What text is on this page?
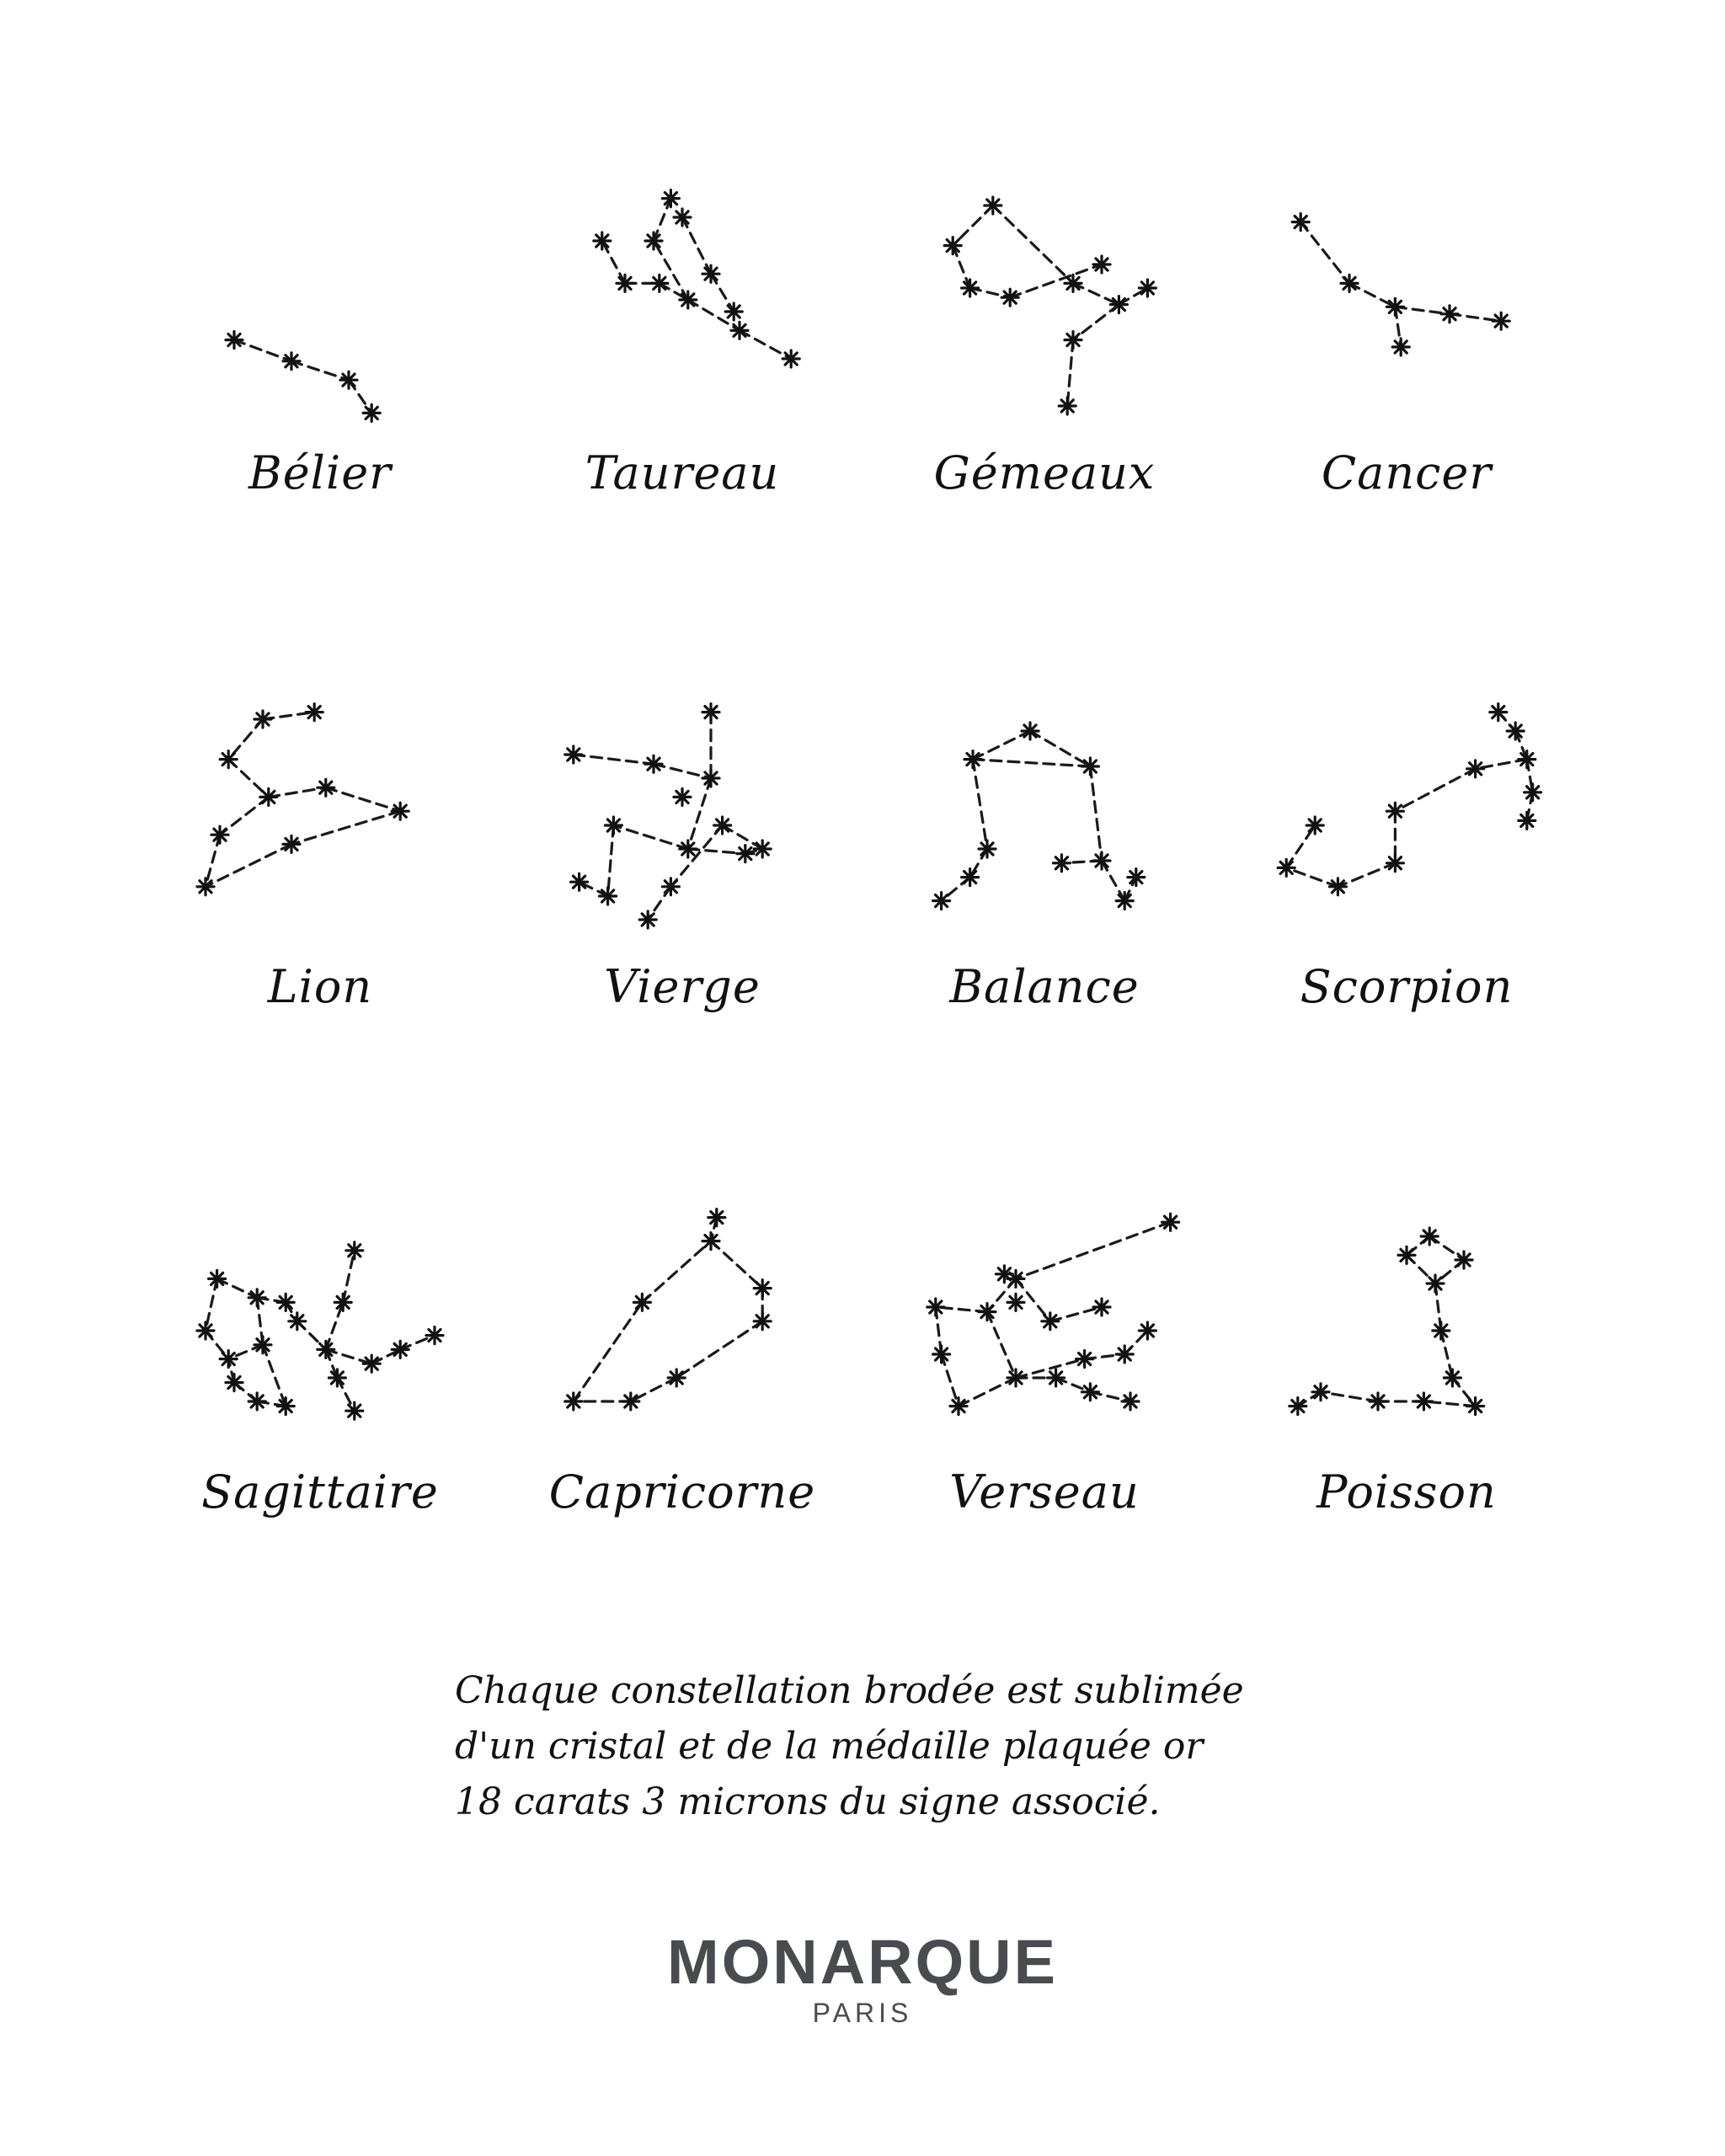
Bélier	Taureau	Gémeaux	Cancer
Lion	Vierge	Balance	Scorpion
Sagittaire	Capricorne	Verseau	Poisson
Chaque constellation brodée est sublimée
d'un cristal et de la médaille plaquée or
18 carats 3 microns du signe associé.
MONARQUE
PARIS
